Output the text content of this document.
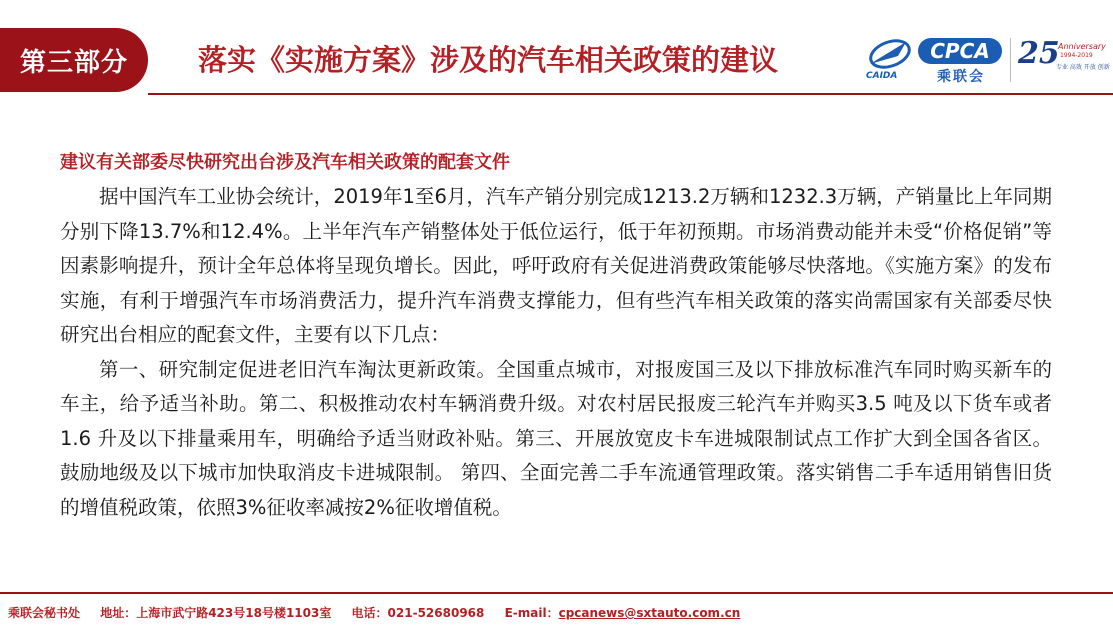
第三部分	落实《实施方案》涉及的汽车相关政策的建议	CAIDA
CPCA
乘联会
25
Anniversary
1994-2019
专业 高效 开放 创新
建议有关部委尽快研究出台涉及汽车相关政策的配套文件

据中国汽车工业协会统计，2019年1至6月，汽车产销分别完成1213.2万辆和1232.3万辆，产销量比上年同期分别下降13.7%和12.4%。上半年汽车产销整体处于低位运行，低于年初预期。市场消费动能并未受“价格促销”等因素影响提升，预计全年总体将呈现负增长。因此，呼吁政府有关促进消费政策能够尽快落地。《实施方案》的发布实施，有利于增强汽车市场消费活力，提升汽车消费支撑能力，但有些汽车相关政策的落实尚需国家有关部委尽快研究出台相应的配套文件，主要有以下几点：

第一、研究制定促进老旧汽车淘汰更新政策。全国重点城市，对报废国三及以下排放标准汽车同时购买新车的车主，给予适当补助。第二、积极推动农村车辆消费升级。对农村居民报废三轮汽车并购买3.5 吨及以下货车或者1.6 升及以下排量乘用车，明确给予适当财政补贴。第三、开展放宽皮卡车进城限制试点工作扩大到全国各省区。鼓励地级及以下城市加快取消皮卡进城限制。 第四、全面完善二手车流通管理政策。落实销售二手车适用销售旧货的增值税政策，依照3%征收率减按2%征收增值税。

乘联会秘书处 地址：上海市武宁路423号18号楼1103室 电话：021-52680968 E-mail：cpcanews@sxtauto.com.cn
